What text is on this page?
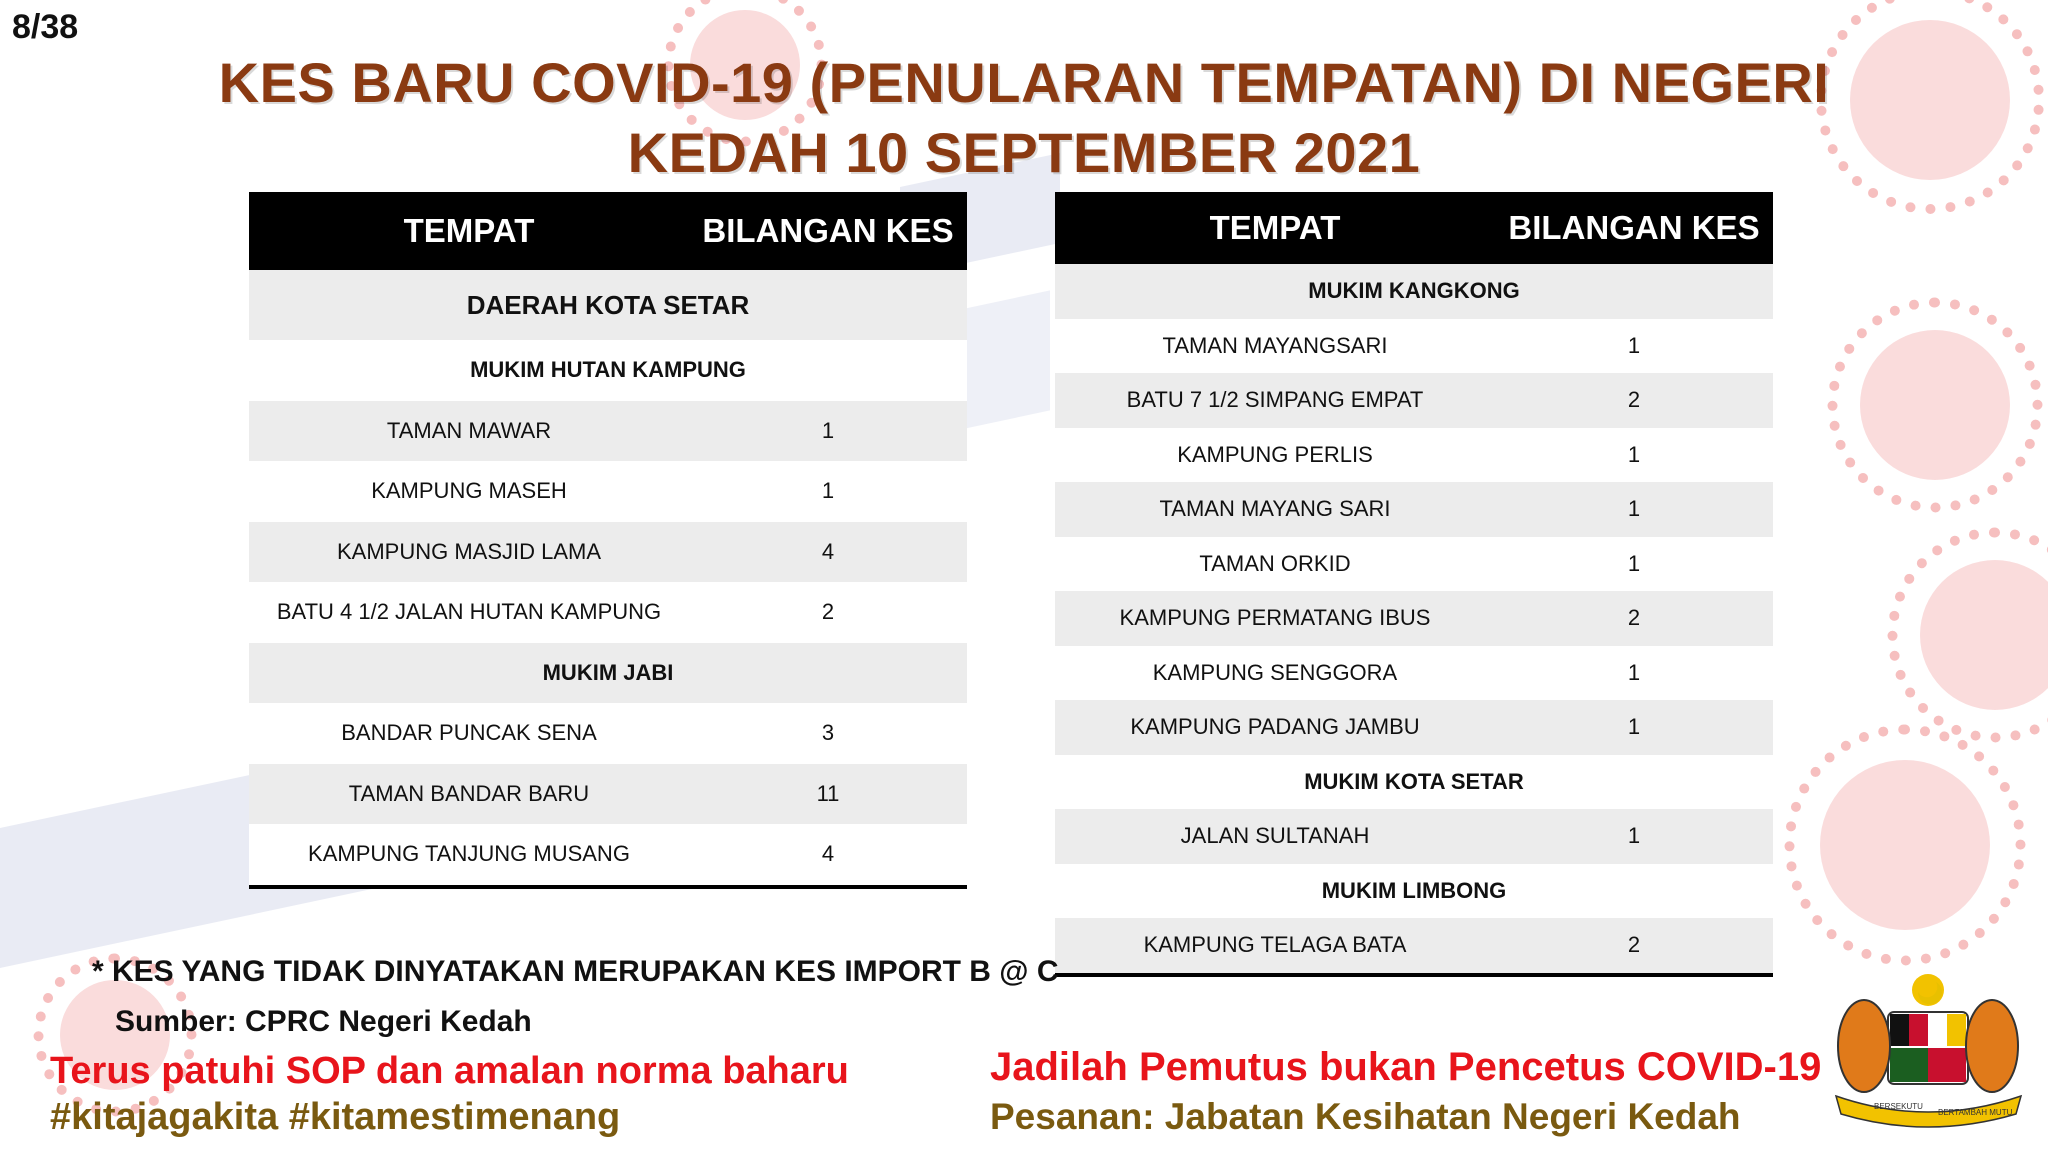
8/38
KES BARU COVID-19 (PENULARAN TEMPATAN) DI NEGERI
KEDAH 10 SEPTEMBER 2021
TEMPAT	BILANGAN KES
DAERAH KOTA SETAR	
MUKIM HUTAN KAMPUNG	
TAMAN MAWAR	1
KAMPUNG MASEH	1
KAMPUNG MASJID LAMA	4
BATU 4 1/2 JALAN HUTAN KAMPUNG	2
MUKIM JABI	
BANDAR PUNCAK SENA	3
TAMAN BANDAR BARU	11
KAMPUNG TANJUNG MUSANG	4
TEMPAT	BILANGAN KES
MUKIM KANGKONG	
TAMAN MAYANGSARI	1
BATU 7 1/2 SIMPANG EMPAT	2
KAMPUNG PERLIS	1
TAMAN MAYANG SARI	1
TAMAN ORKID	1
KAMPUNG PERMATANG IBUS	2
KAMPUNG SENGGORA	1
KAMPUNG PADANG JAMBU	1
MUKIM KOTA SETAR	
JALAN SULTANAH	1
MUKIM LIMBONG	
KAMPUNG TELAGA BATA	2
* KES YANG TIDAK DINYATAKAN MERUPAKAN KES IMPORT B @ C
Sumber: CPRC Negeri Kedah
Terus patuhi SOP dan amalan norma baharu
#kitajagakita #kitamestimenang
Jadilah Pemutus bukan Pencetus COVID-19
Pesanan: Jabatan Kesihatan Negeri Kedah	BERSEKUTU
BERTAMBAH MUTU
